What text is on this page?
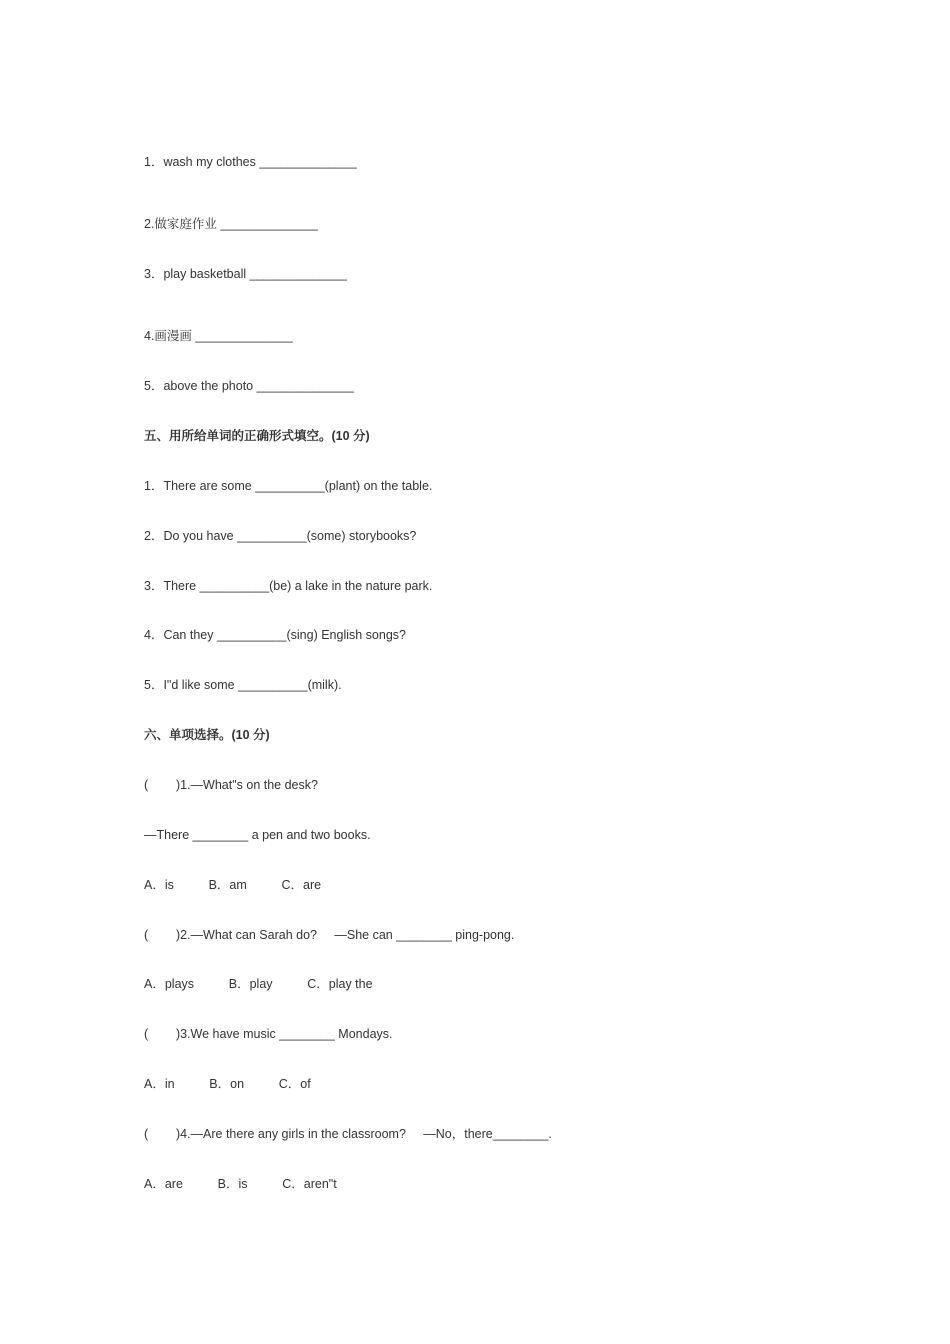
1．wash my clothes ______________
2.做家庭作业 ______________
3．play basketball ______________
4.画漫画 ______________
5．above the photo ______________
五、用所给单词的正确形式填空。(10 分)
1．There are some __________(plant) on the table.
2．Do you have __________(some) storybooks?
3．There __________(be) a lake in the nature park.
4．Can they __________(sing) English songs?
5．I"d like some __________(milk).
六、单项选择。(10 分)
(        )1.—What"s on the desk?
—There ________ a pen and two books.
A．is          B．am          C．are
(        )2.—What can Sarah do?     —She can ________ ping-pong.
A．plays          B．play          C．play the
(        )3.We have music ________ Mondays.
A．in          B．on          C．of
(        )4.—Are there any girls in the classroom?     —No，there________.
A．are          B．is          C．aren"t
